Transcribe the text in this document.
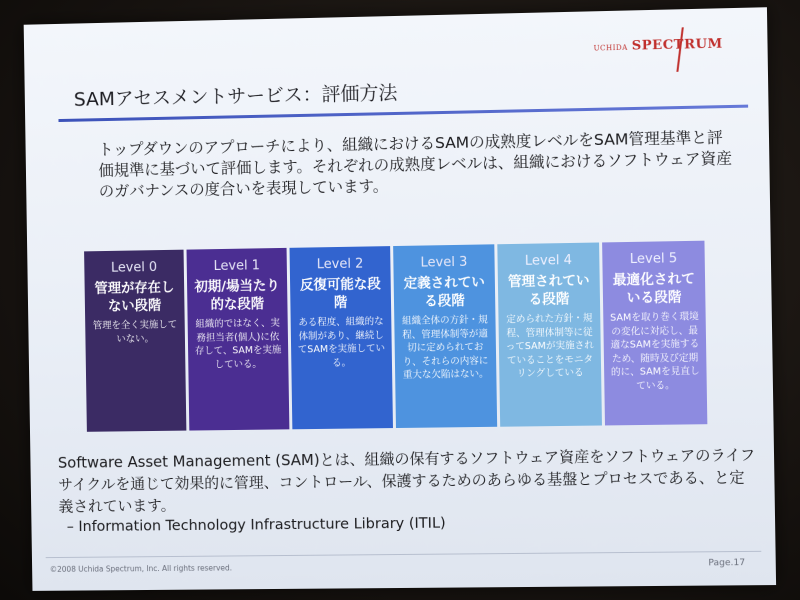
UCHIDA SPECTRUM
SAMアセスメントサービス：評価方法
トップダウンのアプローチにより、組織におけるSAMの成熟度レベルをSAM管理基準と評価規準に基づいて評価します。それぞれの成熟度レベルは、組織におけるソフトウェア資産のガバナンスの度合いを表現しています。
Level 0
管理が存在しない段階
管理を全く実施していない。
Level 1
初期/場当たり的な段階
組織的ではなく、実務担当者(個人)に依存して、SAMを実施している。
Level 2
反復可能な段階
ある程度、組織的な体制があり、継続してSAMを実施している。
Level 3
定義されている段階
組織全体の方針・規程、管理体制等が適切に定められており、それらの内容に重大な欠陥はない。
Level 4
管理されている段階
定められた方針・規程、管理体制等に従ってSAMが実施されていることをモニタリングしている
Level 5
最適化されている段階
SAMを取り巻く環境の変化に対応し、最適なSAMを実施するため、随時及び定期的に、SAMを見直している。
Software Asset Management (SAM)とは、組織の保有するソフトウェア資産をソフトウェアのライフサイクルを通じて効果的に管理、コントロール、保護するためのあらゆる基盤とプロセスである、と定義されています。
– Information Technology Infrastructure Library (ITIL)
©2008 Uchida Spectrum, Inc. All rights reserved.
Page.17
